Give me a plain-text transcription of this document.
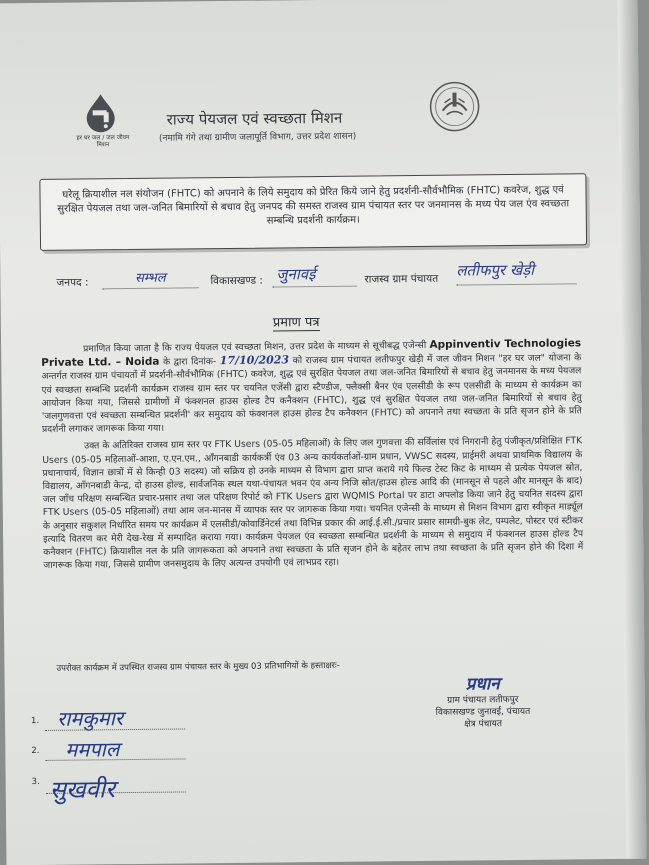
हर घर जल / जल जीवन मिशन
राज्य पेयजल एवं स्वच्छता मिशन
(नमामि गंगे तथा ग्रामीण जलापूर्ति विभाग, उत्तर प्रदेश शासन)

घरेलू क्रियाशील नल संयोजन (FHTC) को अपनाने के लिये समुदाय को प्रेरित किये जाने हेतु प्रदर्शनी-सौर्वभौमिक (FHTC) कवरेज, शुद्ध एवं सुरक्षित पेयजल तथा जल-जनित बिमारियों से बचाव हेतु जनपद की समस्त राजस्व ग्राम पंचायत स्तर पर जनमानस के मध्य पेय जल एंव स्वच्छता सम्बन्धि प्रदर्शनी कार्यक्रम।

जनपद :	सम्भल	विकासखण्ड : जुनावई	राजस्व ग्राम पंचायत लतीफपुर खेड़ी
प्रमाण पत्र

प्रमाणित किया जाता है कि राज्य पेयजल एवं स्वच्छता मिशन, उत्तर प्रदेश के माध्यम से सूचीबद्ध एजेन्सी Appinventiv Technologies Private Ltd. – Noida के द्वारा दिनांक- 17/10/2023 को राजस्व ग्राम पंचायत लतीफपुर खेड़ी में जल जीवन मिशन "हर घर जल" योजना के अन्तर्गत राजस्व ग्राम पंचायतों में प्रदर्शनी-सौर्वभौमिक (FHTC) कवरेज, शुद्ध एवं सुरक्षित पेयजल तथा जल-जनित बिमारियों से बचाव हेतु जनमानस के मध्य पेयजल एवं स्वच्छता सम्बन्धि प्रदर्शनी कार्यक्रम राजस्व ग्राम स्तर पर चयनित एजेंसी द्वारा स्टैण्डीज, फ्लैक्सी बैनर एंव एलसीडी के रूप एलसीडी के माध्यम से कार्यक्रम का आयोजन किया गया, जिससे ग्रामीणों में फंक्शनल हाउस होल्ड टैप कनैक्शन (FHTC), शुद्ध एवं सुरक्षित पेयजल तथा जल-जनित बिमारियों से बचाव हेतु 'जलगुणवत्ता एवं स्वच्छता सम्बन्धित प्रदर्शनी' कर समुदाय को फंक्शनल हाउस होल्ड टैप कनैक्शन (FHTC) को अपनाने तथा स्वच्छता के प्रति सृजन होने के प्रति प्रदर्शनी लगाकर जागरूक किया गया।

उक्त के अतिरिक्त राजस्व ग्राम स्तर पर FTK Users (05-05 महिलाओं) के लिए जल गुणवत्ता की सर्विलांस एवं निगरानी हेतु पंजीकृत/प्रशिक्षित FTK Users (05-05 महिलाओं-आशा, ए.एन.एम., आँगनबाडी कार्यकर्त्री एंव 03 अन्य कार्यकर्ताओं-ग्राम प्रधान, VWSC सदस्य, प्राईमरी अथवा प्राथमिक विद्यालय के प्रधानाचार्य, विज्ञान छात्रों में से किन्ही 03 सदस्य) जो सक्रिय हो उनके माध्यम से विभाग द्वारा प्राप्त कराये गये फिल्ड टेस्ट किट के माध्यम से प्रत्येक पेयजल स्रोत, विद्यालय, आँगनबाडी केन्द्र, दो हाउस होल्ड, सार्वजनिक स्थल यथा-पंचायत भवन एंव अन्य निजि स्रोत/हाउस होल्ड आदि की (मानसून से पहले और मानसून के बाद) जल जाँच परिक्षण सम्बन्धित प्रचार-प्रसार तथा जल परिक्षण रिपोर्ट को FTK Users द्वारा WQMIS Portal पर डाटा अपलोड किया जाने हेतु चयनित सदस्य द्वारा FTK Users (05-05 महिलाओं) तथा आम जन-मानस में व्यापक स्तर पर जागरूक किया गया। चयनित एजेन्सी के माध्यम से मिशन विभाग द्वारा स्वीकृत मार्ड्यूल के अनुसार सकुशल निर्धारित समय पर कार्यक्रम में एलसीडी/कोवार्डिनेटर्स तथा विभिन्न प्रकार की आई.ई.सी./प्रचार प्रसार सामग्री-बुक लेट, पम्पलेट, पोस्टर एवं स्टीकर इत्यादि वितरण कर मेरी देख-रेख में सम्पादित कराया गया। कार्यक्रम पेयजल एंव स्वच्छता सम्बन्धित प्रदर्शनी के माध्यम से समुदाय में फंक्शनल हाउस होल्ड टैप कनैक्शन (FHTC) क्रियाशील नल के प्रति जागरूकता को अपनाने तथा स्वच्छता के प्रति सृजन होने के बहेतर लाभ तथा स्वच्छता के प्रति सृजन होने की दिशा में जागरूक किया गया, जिससे ग्रामीण जनसमुदाय के लिए अत्यन्त उपयोगी एवं लाभप्रद रहा।

उपरोक्त कार्यक्रम में उपस्थित राजस्व ग्राम पंचायत स्तर के मुख्य 03 प्रतिभागियों के हस्ताक्षरः-
1. रामकुमार
2. ममपाल
3. सुखवीर
प्रधान
ग्राम पंचायत लतीफपुर
विकासखण्ड जुनावई, पंचायत
क्षेत्र पंचायत
